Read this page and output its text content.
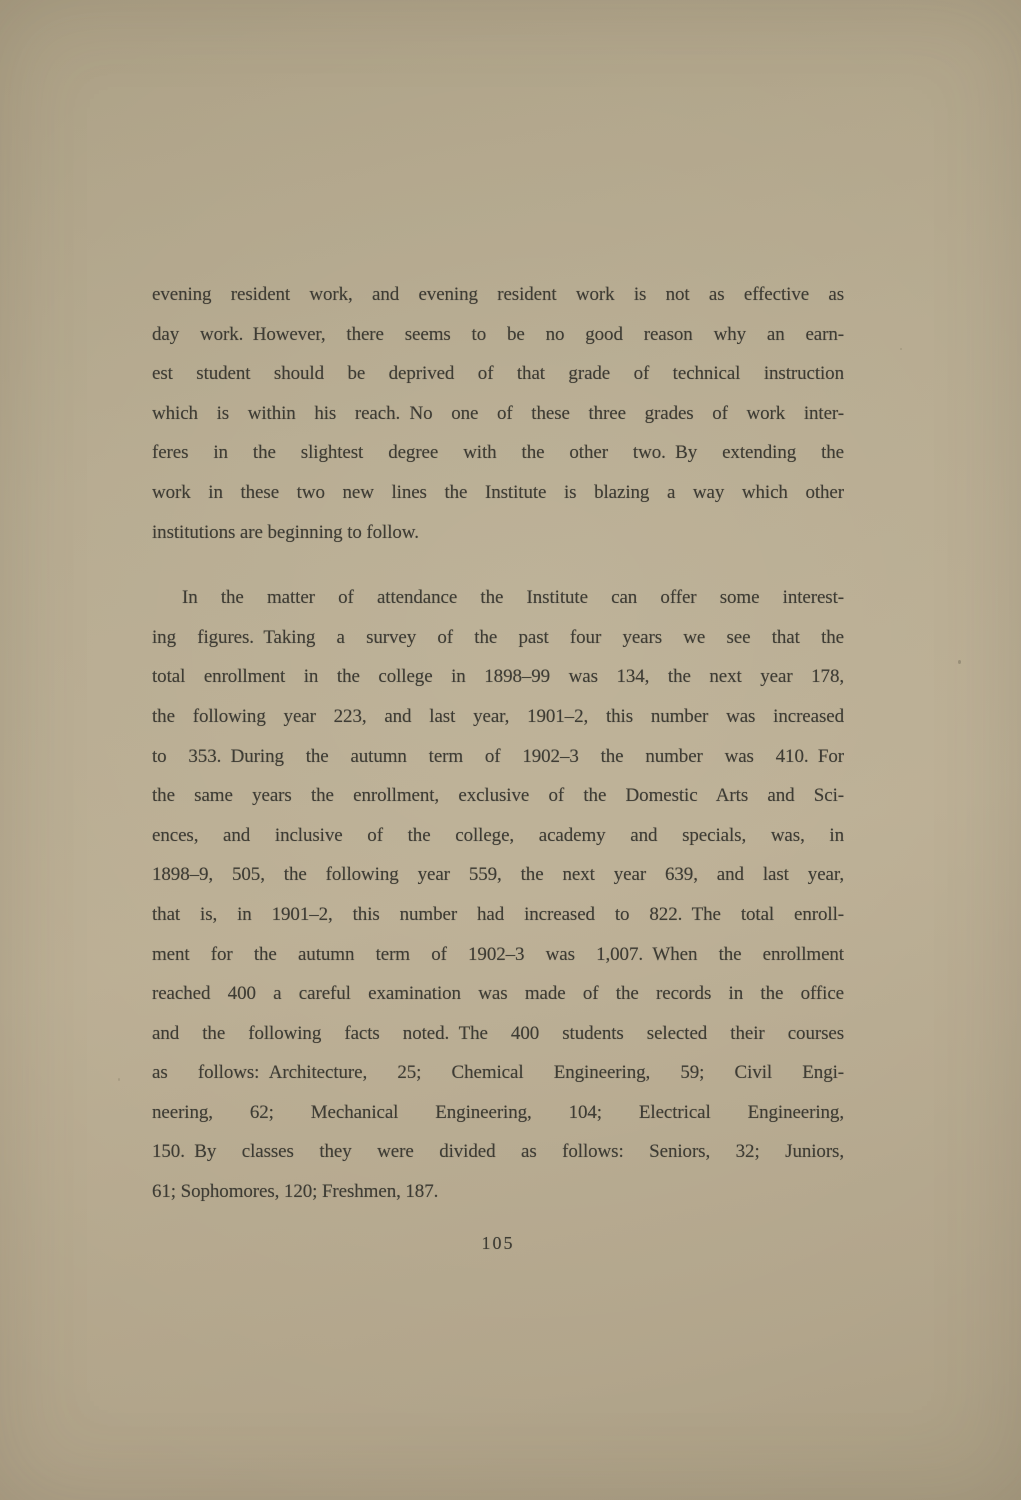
evening resident work, and evening resident work is not as effective as
day work. However, there seems to be no good reason why an earn-
est student should be deprived of that grade of technical instruction
which is within his reach. No one of these three grades of work inter-
feres in the slightest degree with the other two. By extending the
work in these two new lines the Institute is blazing a way which other
institutions are beginning to follow.
In the matter of attendance the Institute can offer some interest-
ing figures. Taking a survey of the past four years we see that the
total enrollment in the college in 1898–99 was 134, the next year 178,
the following year 223, and last year, 1901–2, this number was increased
to 353. During the autumn term of 1902–3 the number was 410. For
the same years the enrollment, exclusive of the Domestic Arts and Sci-
ences, and inclusive of the college, academy and specials, was, in
1898–9, 505, the following year 559, the next year 639, and last year,
that is, in 1901–2, this number had increased to 822. The total enroll-
ment for the autumn term of 1902–3 was 1,007. When the enrollment
reached 400 a careful examination was made of the records in the office
and the following facts noted. The 400 students selected their courses
as follows: Architecture, 25; Chemical Engineering, 59; Civil Engi-
neering, 62; Mechanical Engineering, 104; Electrical Engineering,
150. By classes they were divided as follows: Seniors, 32; Juniors,
61; Sophomores, 120; Freshmen, 187.
105
